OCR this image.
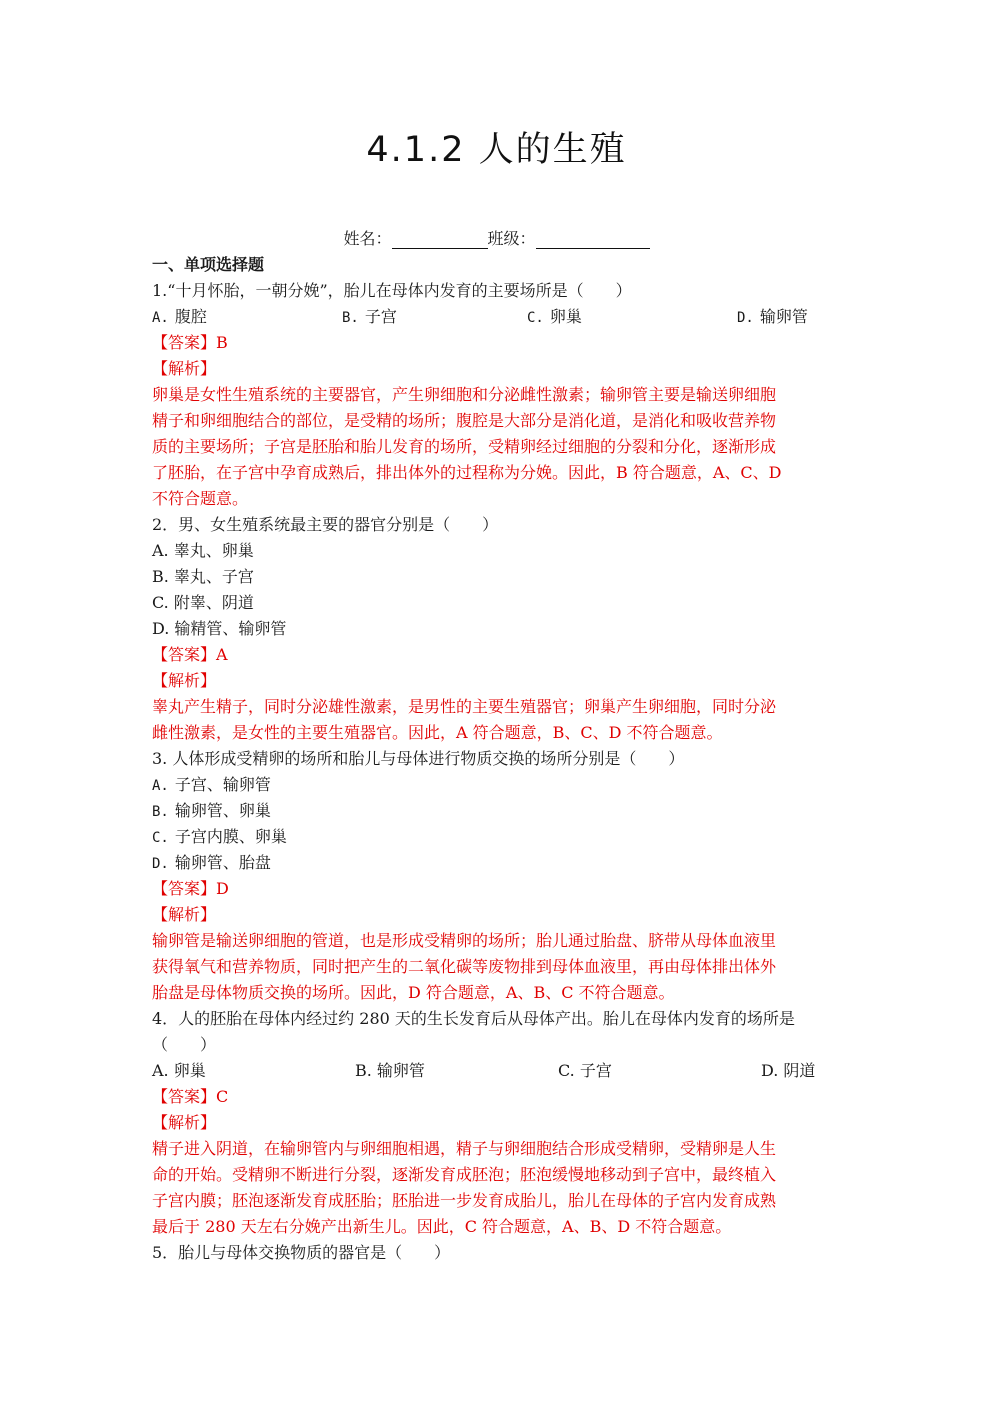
4.1.2 人的生殖
姓名：	班级：
一、单项选择题
1.“十月怀胎，一朝分娩”，胎儿在母体内发育的主要场所是（　　）
A. 腹腔	B. 子宫	C. 卵巢	D. 输卵管
【答案】B
【解析】
卵巢是女性生殖系统的主要器官，产生卵细胞和分泌雌性激素；输卵管主要是输送卵细胞
精子和卵细胞结合的部位，是受精的场所；腹腔是大部分是消化道，是消化和吸收营养物
质的主要场所；子宫是胚胎和胎儿发育的场所，受精卵经过细胞的分裂和分化，逐渐形成
了胚胎，在子宫中孕育成熟后，排出体外的过程称为分娩。因此，B 符合题意，A、C、D
不符合题意。
2．男、女生殖系统最主要的器官分别是（　　）
A. 睾丸、卵巢
B. 睾丸、子宫
C. 附睾、阴道
D. 输精管、输卵管
【答案】A
【解析】
睾丸产生精子，同时分泌雄性激素，是男性的主要生殖器官；卵巢产生卵细胞，同时分泌
雌性激素，是女性的主要生殖器官。因此，A 符合题意，B、C、D 不符合题意。
3. 人体形成受精卵的场所和胎儿与母体进行物质交换的场所分别是（　　）
A. 子宫、输卵管
B. 输卵管、卵巢
C. 子宫内膜、卵巢
D. 输卵管、胎盘
【答案】D
【解析】
输卵管是输送卵细胞的管道，也是形成受精卵的场所；胎儿通过胎盘、脐带从母体血液里
获得氧气和营养物质，同时把产生的二氧化碳等废物排到母体血液里，再由母体排出体外
胎盘是母体物质交换的场所。因此，D 符合题意，A、B、C 不符合题意。
4．人的胚胎在母体内经过约 280 天的生长发育后从母体产出。胎儿在母体内发育的场所是
（　　）
A. 卵巢	B. 输卵管	C. 子宫	D. 阴道
【答案】C
【解析】
精子进入阴道，在输卵管内与卵细胞相遇，精子与卵细胞结合形成受精卵，受精卵是人生
命的开始。受精卵不断进行分裂，逐渐发育成胚泡；胚泡缓慢地移动到子宫中，最终植入
子宫内膜；胚泡逐渐发育成胚胎；胚胎进一步发育成胎儿，胎儿在母体的子宫内发育成熟
最后于 280 天左右分娩产出新生儿。因此，C 符合题意，A、B、D 不符合题意。
5．胎儿与母体交换物质的器官是（　　）
